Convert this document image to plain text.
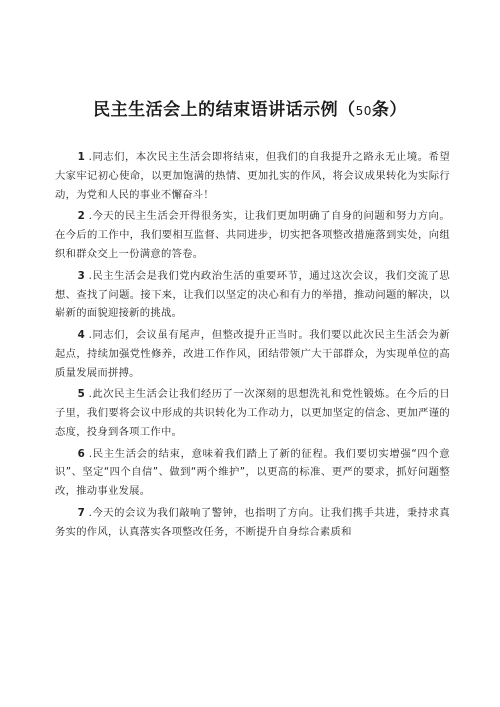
民主生活会上的结束语讲话示例（50条）

1 .同志们，本次民主生活会即将结束，但我们的自我提升之路永无止境。希望大家牢记初心使命，以更加饱满的热情、更加扎实的作风，将会议成果转化为实际行动，为党和人民的事业不懈奋斗！

2 .今天的民主生活会开得很务实，让我们更加明确了自身的问题和努力方向。在今后的工作中，我们要相互监督、共同进步，切实把各项整改措施落到实处，向组织和群众交上一份满意的答卷。

3 .民主生活会是我们党内政治生活的重要环节，通过这次会议，我们交流了思想、查找了问题。接下来，让我们以坚定的决心和有力的举措，推动问题的解决，以崭新的面貌迎接新的挑战。

4 .同志们，会议虽有尾声，但整改提升正当时。我们要以此次民主生活会为新起点，持续加强党性修养，改进工作作风，团结带领广大干部群众，为实现单位的高质量发展而拼搏。

5 .此次民主生活会让我们经历了一次深刻的思想洗礼和党性锻炼。在今后的日子里，我们要将会议中形成的共识转化为工作动力，以更加坚定的信念、更加严谨的态度，投身到各项工作中。

6 .民主生活会的结束，意味着我们踏上了新的征程。我们要切实增强“四个意识”、坚定“四个自信”、做到“两个维护”，以更高的标准、更严的要求，抓好问题整改，推动事业发展。

7 .今天的会议为我们敲响了警钟，也指明了方向。让我们携手共进，秉持求真务实的作风，认真落实各项整改任务，不断提升自身综合素质和
